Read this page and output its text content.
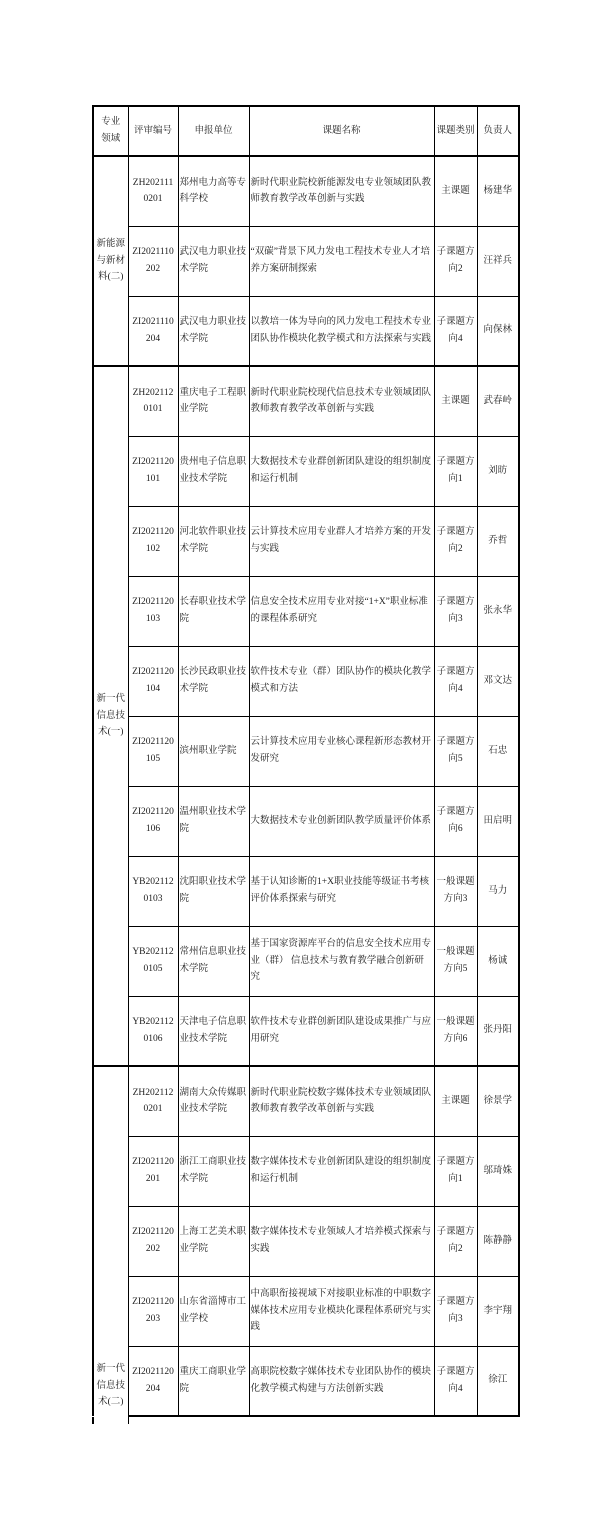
专业领域	评审编号	申报单位	课题名称	课题类别	负责人
新能源与新材料(二)	ZH2021110201	郑州电力高等专科学校	新时代职业院校新能源发电专业领域团队教师教育教学改革创新与实践	主课题	杨建华
	ZI2021110202	武汉电力职业技术学院	“双碳”背景下风力发电工程技术专业人才培养方案研制探索	子课题方向2	汪祥兵
	ZI2021110204	武汉电力职业技术学院	以教培一体为导向的风力发电工程技术专业团队协作模块化教学模式和方法探索与实践	子课题方向4	向保林
新一代信息技术(一)	ZH2021120101	重庆电子工程职业学院	新时代职业院校现代信息技术专业领域团队教师教育教学改革创新与实践	主课题	武春岭
	ZI2021120101	贵州电子信息职业技术学院	大数据技术专业群创新团队建设的组织制度和运行机制	子课题方向1	刘昉
	ZI2021120102	河北软件职业技术学院	云计算技术应用专业群人才培养方案的开发与实践	子课题方向2	乔哲
	ZI2021120103	长春职业技术学院	信息安全技术应用专业对接“1+X”职业标准的课程体系研究	子课题方向3	张永华
	ZI2021120104	长沙民政职业技术学院	软件技术专业（群）团队协作的模块化教学模式和方法	子课题方向4	邓文达
	ZI2021120105	滨州职业学院	云计算技术应用专业核心课程新形态教材开发研究	子课题方向5	石忠
	ZI2021120106	温州职业技术学院	大数据技术专业创新团队教学质量评价体系	子课题方向6	田启明
	YB2021120103	沈阳职业技术学院	基于认知诊断的1+X职业技能等级证书考核评价体系探索与研究	一般课题方向3	马力
	YB2021120105	常州信息职业技术学院	基于国家资源库平台的信息安全技术应用专业（群） 信息技术与教育教学融合创新研究	一般课题方向5	杨诚
	YB2021120106	天津电子信息职业技术学院	软件技术专业群创新团队建设成果推广与应用研究	一般课题方向6	张丹阳
新一代信息技术(二)	ZH2021120201	湖南大众传媒职业技术学院	新时代职业院校数字媒体技术专业领域团队教师教育教学改革创新与实践	主课题	徐景学
	ZI2021120201	浙江工商职业技术学院	数字媒体技术专业创新团队建设的组织制度和运行机制	子课题方向1	邬琦姝
	ZI2021120202	上海工艺美术职业学院	数字媒体技术专业领域人才培养模式探索与实践	子课题方向2	陈静静
	ZI2021120203	山东省淄博市工业学校	中高职衔接视域下对接职业标准的中职数字媒体技术应用专业模块化课程体系研究与实践	子课题方向3	李宇翔
	ZI2021120204	重庆工商职业学院	高职院校数字媒体技术专业团队协作的模块化教学模式构建与方法创新实践	子课题方向4	徐江
